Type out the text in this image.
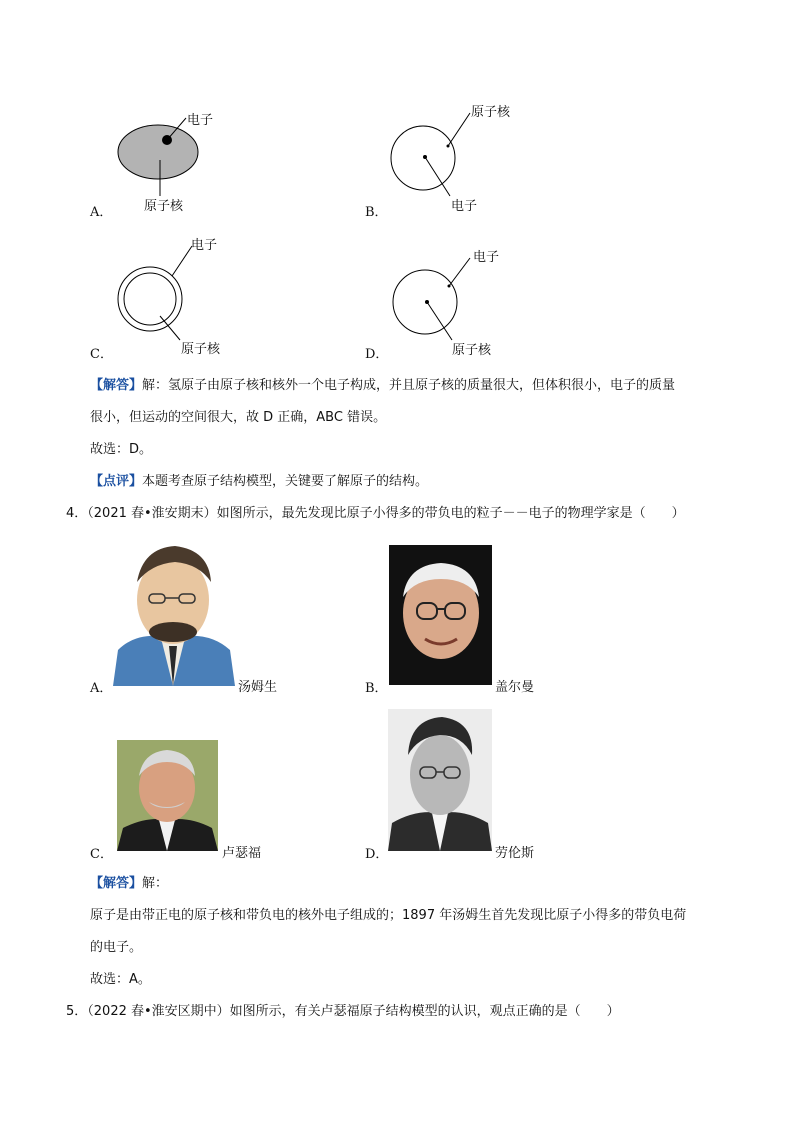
电子
原子核
A．
原子核
电子
B．
电子
原子核
C．
电子
原子核
D．
【解答】解：氢原子由原子核和核外一个电子构成，并且原子核的质量很大，但体积很小，电子的质量
很小，但运动的空间很大，故 D 正确，ABC 错误。
故选：D。
【点评】本题考查原子结构模型，关键要了解原子的结构。
4．（2021 春•淮安期末）如图所示，最先发现比原子小得多的带负电的粒子－－电子的物理学家是（　　）
A．	汤姆生	B．	盖尔曼
C．	卢瑟福	D．	劳伦斯
【解答】解：
原子是由带正电的原子核和带负电的核外电子组成的；1897 年汤姆生首先发现比原子小得多的带负电荷
的电子。
故选：A。
5．（2022 春•淮安区期中）如图所示，有关卢瑟福原子结构模型的认识，观点正确的是（　　）
